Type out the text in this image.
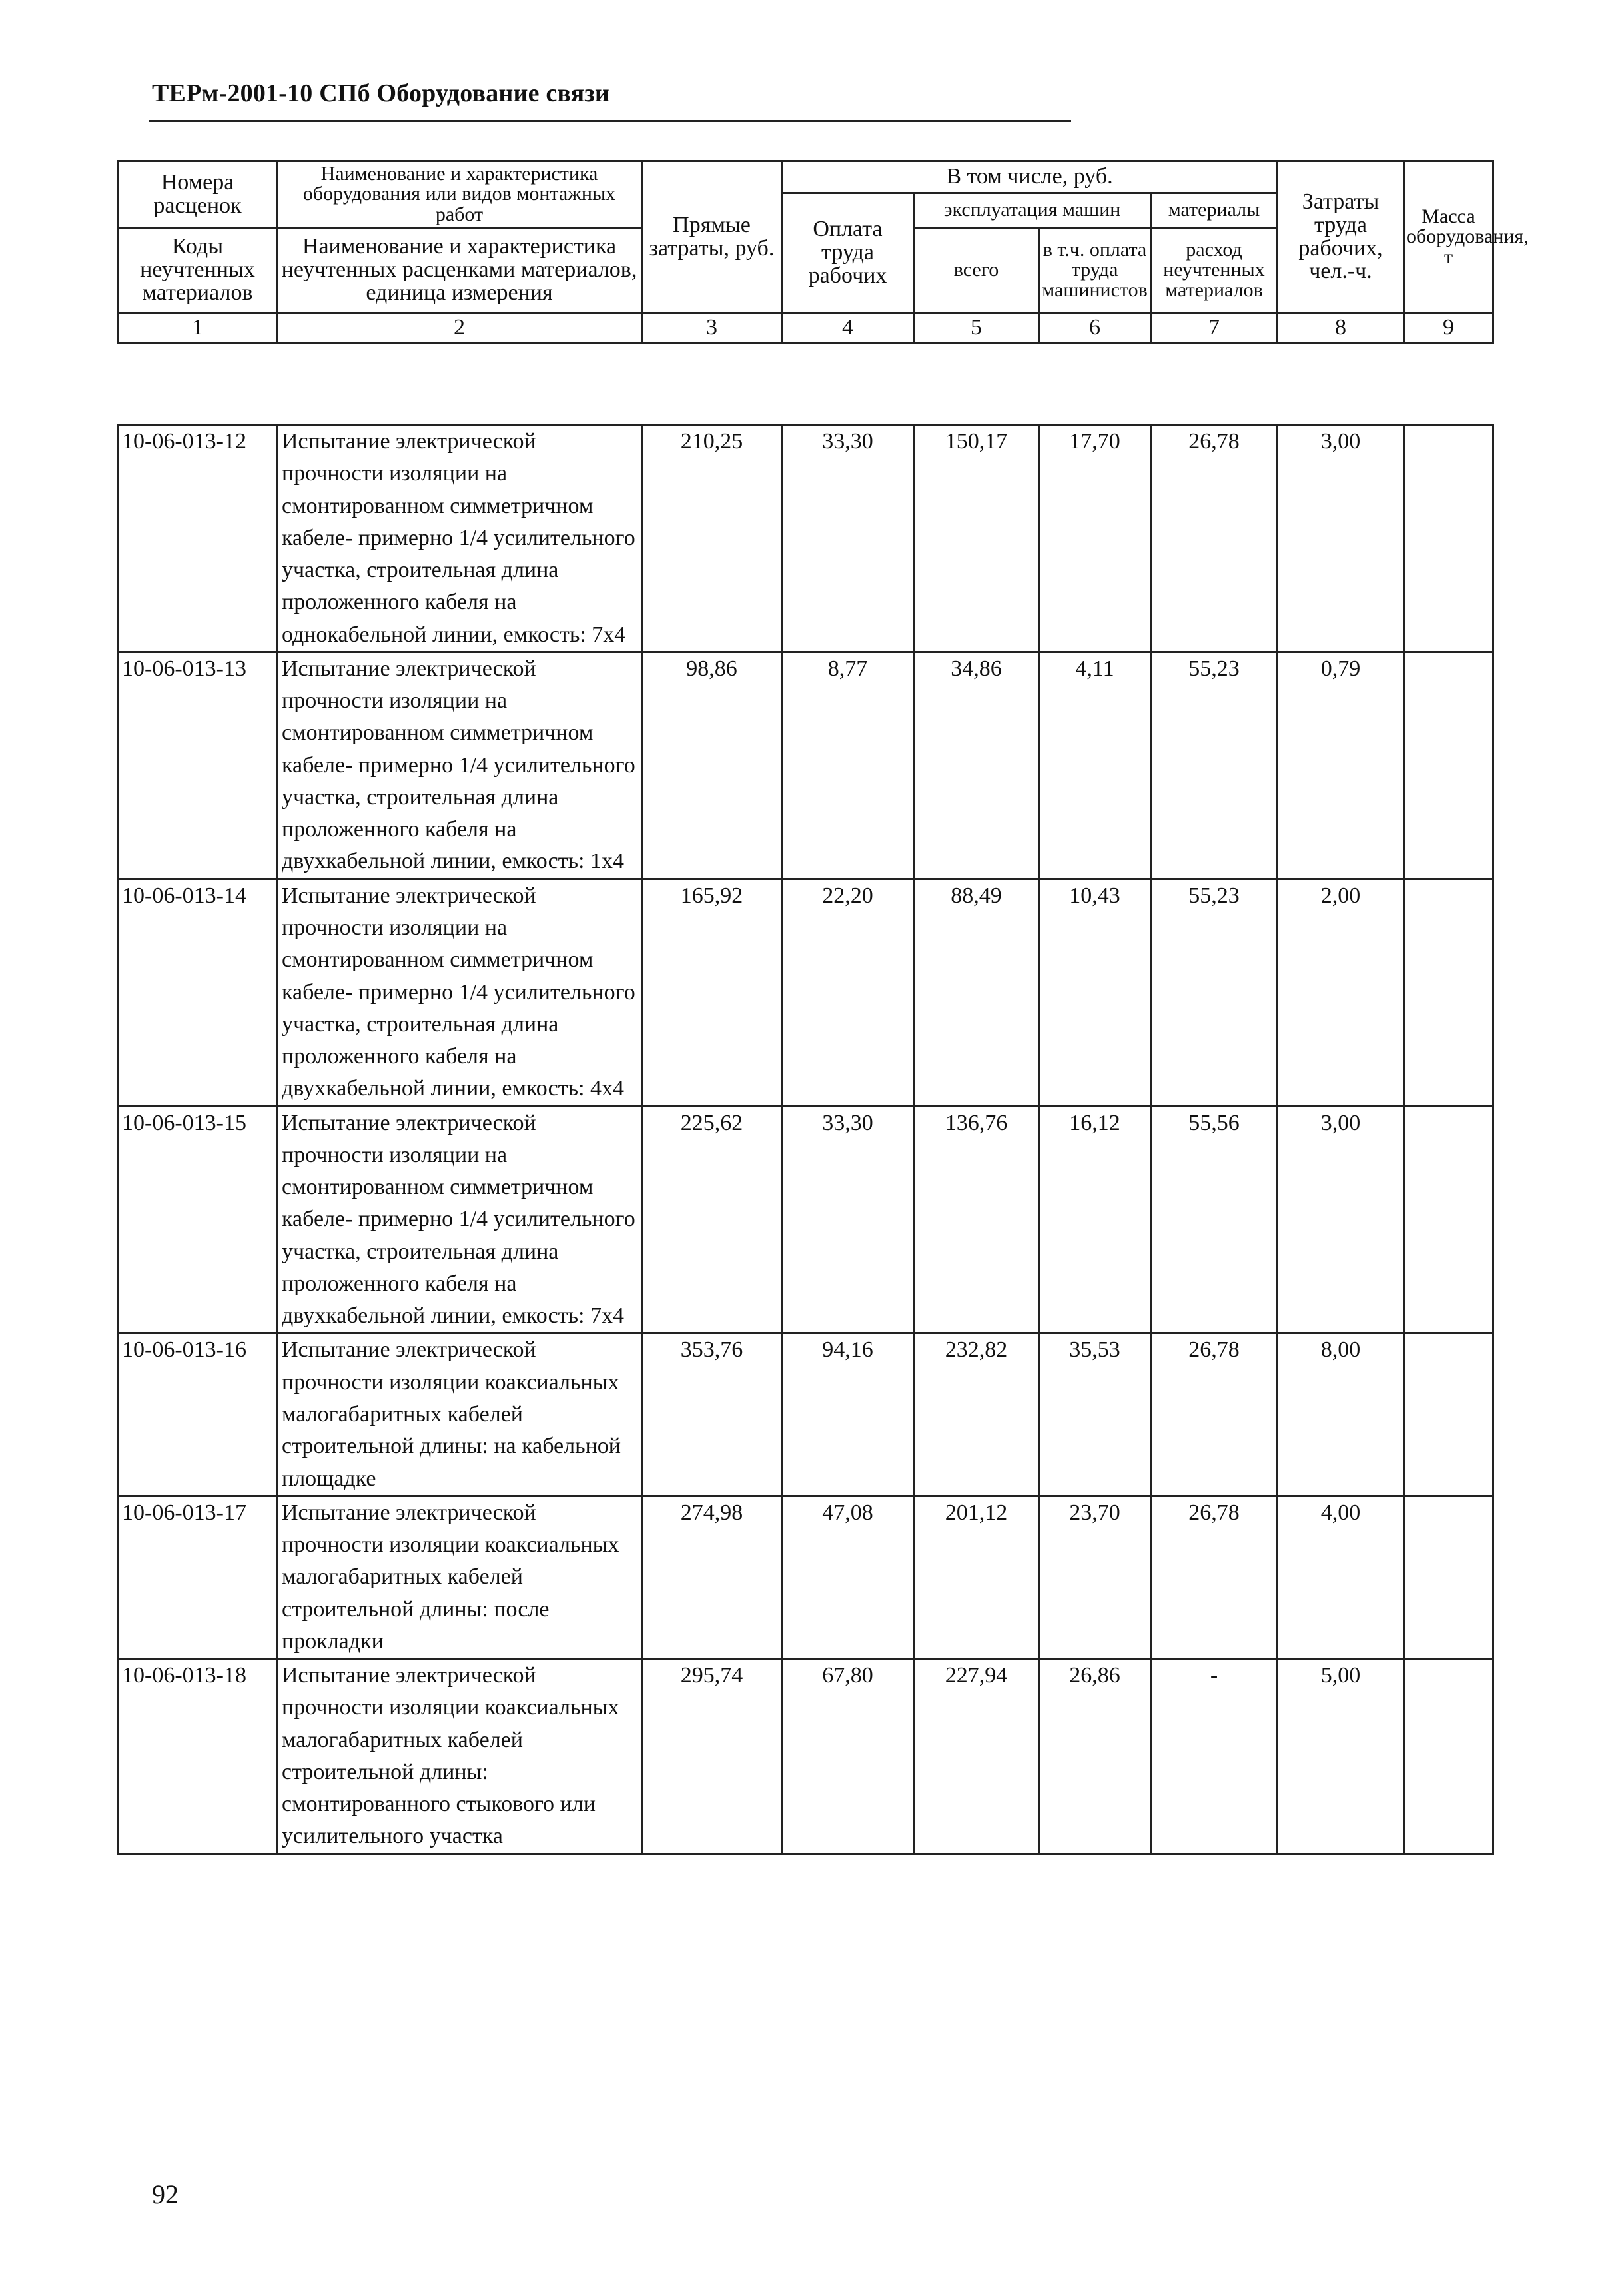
ТЕРм-2001-10 СПб Оборудование связи
Номера расценок	Наименование и характеристика оборудования или видов монтажных работ	Прямые затраты, руб.	В том числе, руб.				Затраты труда рабочих, чел.-ч.	Масса оборудования, т
			Оплата труда рабочих	эксплуатация машин		материалы		
Коды неучтенных материалов	Наименование и характеристика неучтенных расценками материалов, единица измерения			всего	в т.ч. оплата труда машинистов	расход неучтенных материалов		

1	2	3	4	5	6	7	8	9
10-06-013-12	Испытание электрической прочности изоляции на смонтированном симметричном кабеле- примерно 1/4 усилительного участка, строительная длина проложенного кабеля на однокабельной линии, емкость: 7x4	210,25	33,30	150,17	17,70	26,78	3,00	
10-06-013-13	Испытание электрической прочности изоляции на смонтированном симметричном кабеле- примерно 1/4 усилительного участка, строительная длина проложенного кабеля на двухкабельной линии, емкость: 1x4	98,86	8,77	34,86	4,11	55,23	0,79	
10-06-013-14	Испытание электрической прочности изоляции на смонтированном симметричном кабеле- примерно 1/4 усилительного участка, строительная длина проложенного кабеля на двухкабельной линии, емкость: 4x4	165,92	22,20	88,49	10,43	55,23	2,00	
10-06-013-15	Испытание электрической прочности изоляции на смонтированном симметричном кабеле- примерно 1/4 усилительного участка, строительная длина проложенного кабеля на двухкабельной линии, емкость: 7x4	225,62	33,30	136,76	16,12	55,56	3,00	
10-06-013-16	Испытание электрической прочности изоляции коаксиальных малогабаритных кабелей строительной длины: на кабельной площадке	353,76	94,16	232,82	35,53	26,78	8,00	
10-06-013-17	Испытание электрической прочности изоляции коаксиальных малогабаритных кабелей строительной длины: после прокладки	274,98	47,08	201,12	23,70	26,78	4,00	
10-06-013-18	Испытание электрической прочности изоляции коаксиальных малогабаритных кабелей строительной длины: смонтированного стыкового или усилительного участка	295,74	67,80	227,94	26,86	-	5,00	
92
